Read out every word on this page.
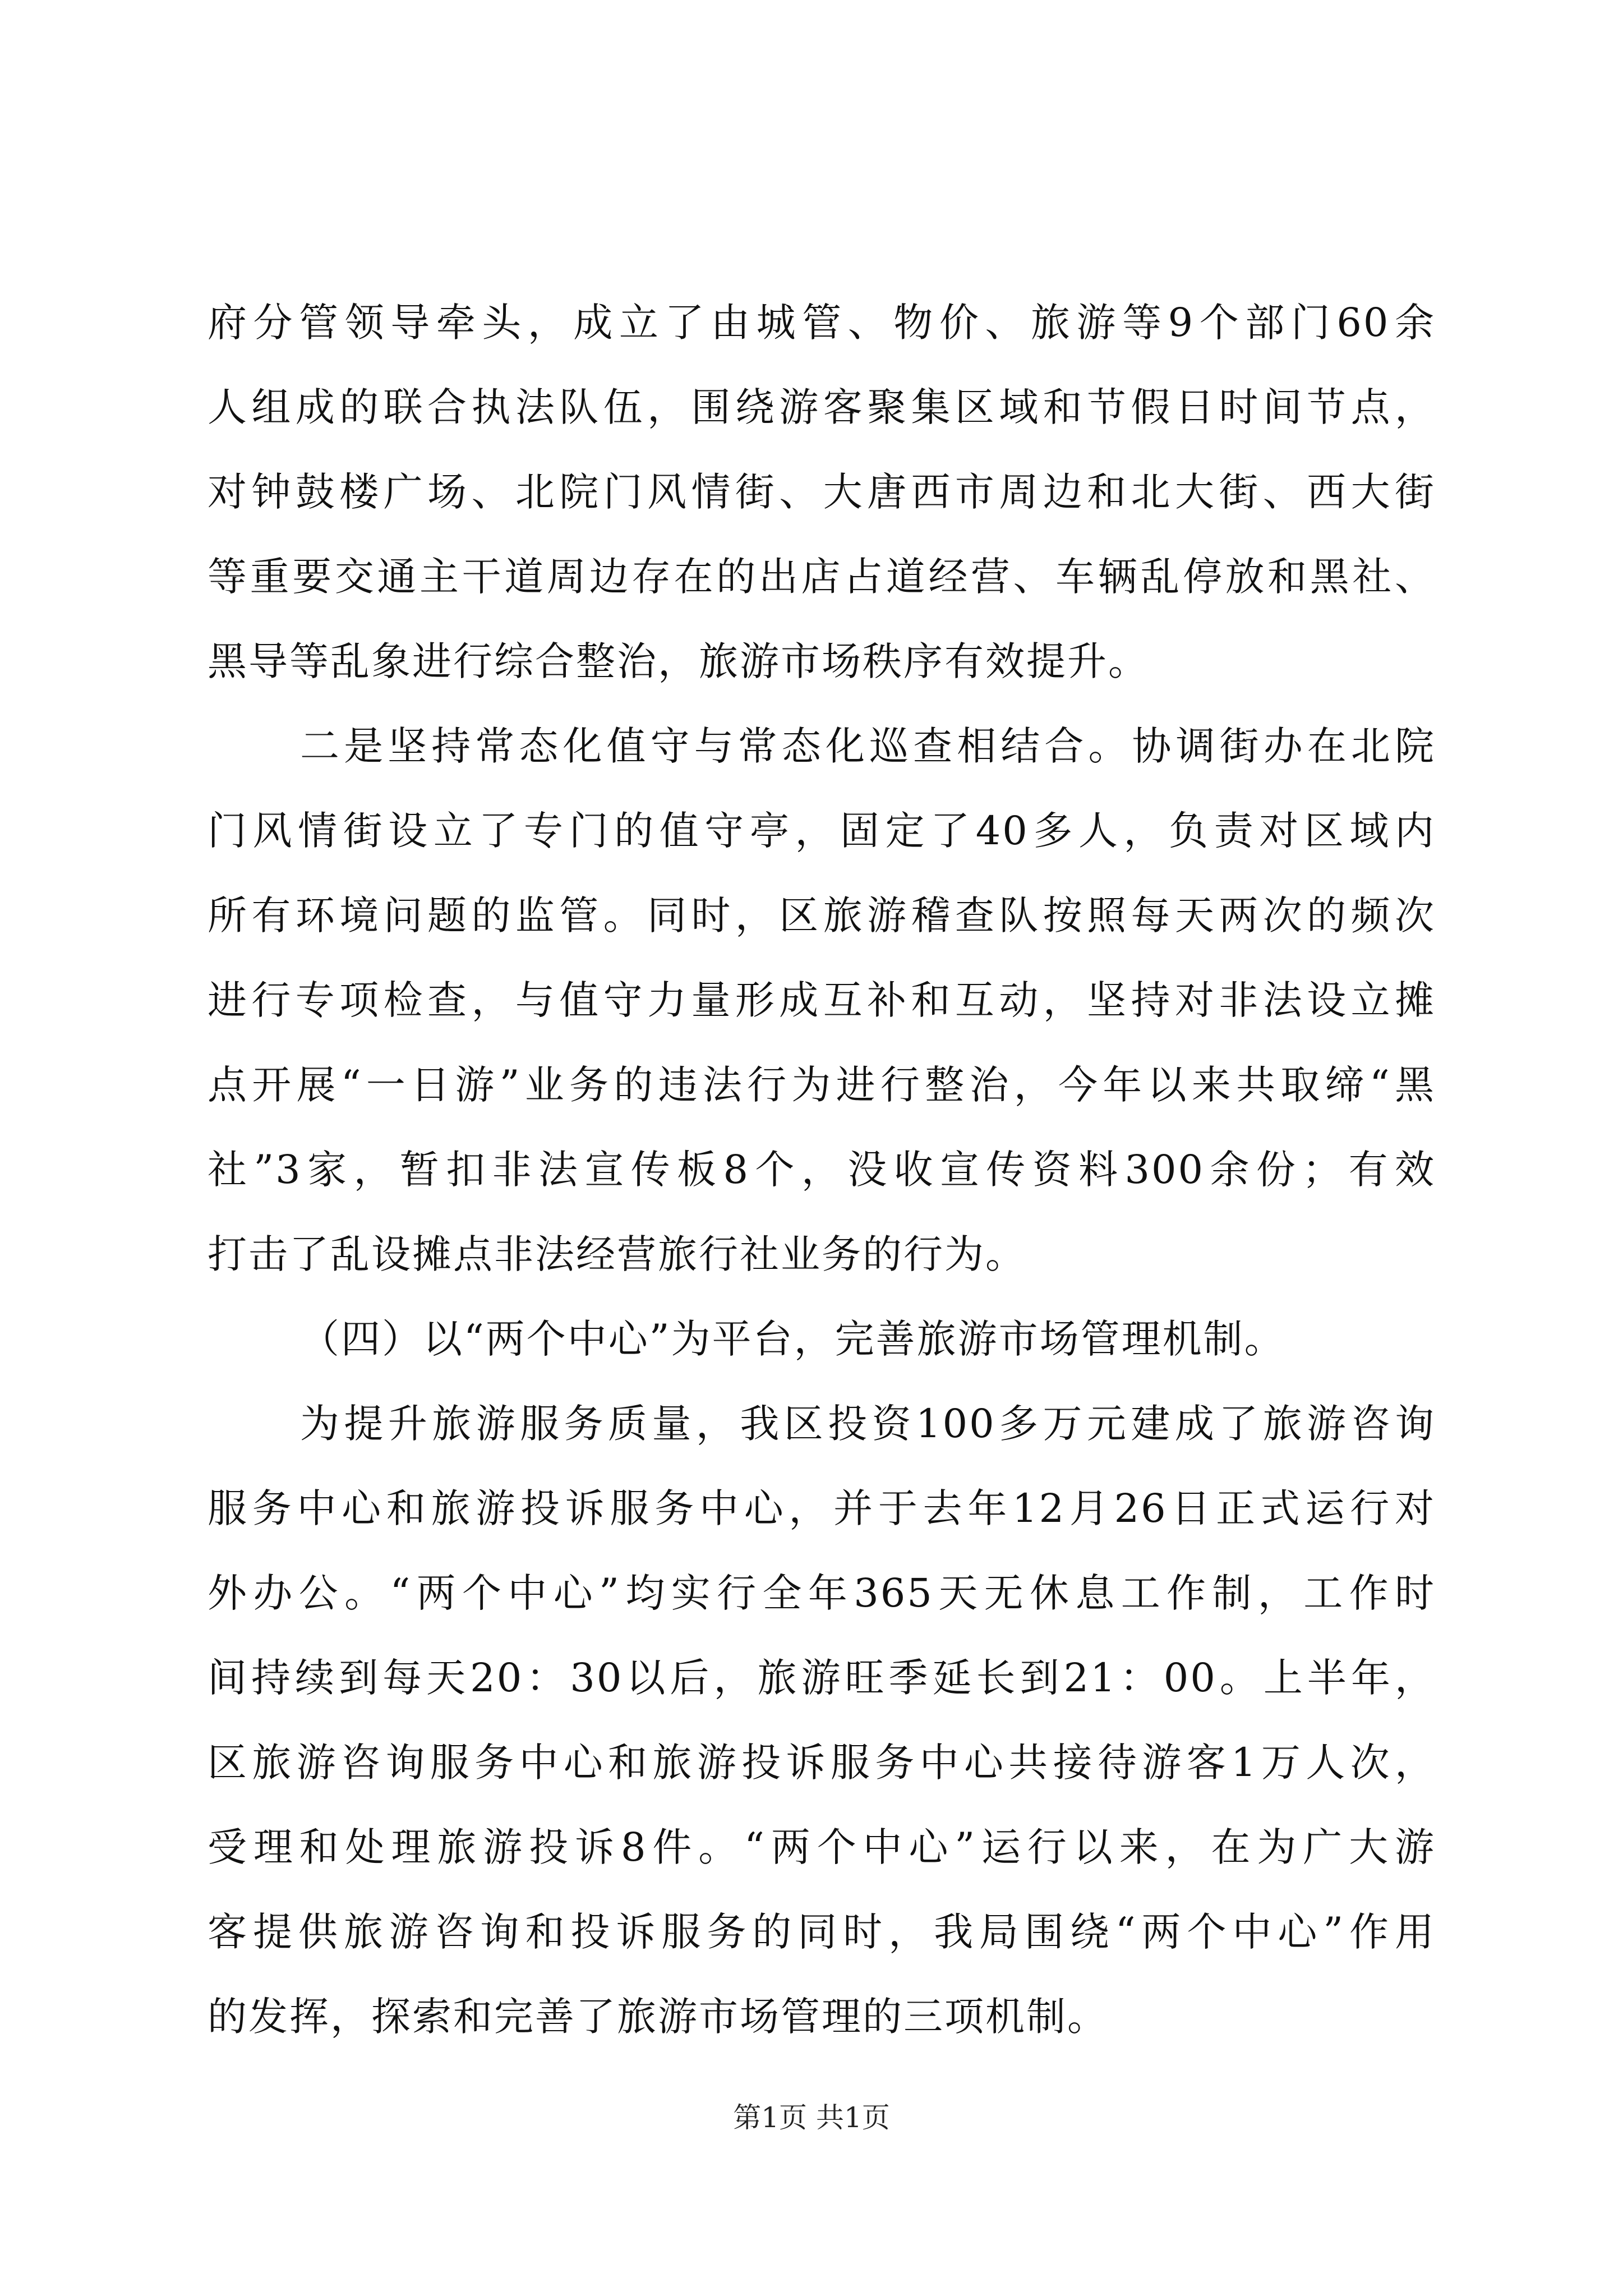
府分管领导牵头，成立了由城管、物价、旅游等9个部门60余
人组成的联合执法队伍，围绕游客聚集区域和节假日时间节点，
对钟鼓楼广场、北院门风情街、大唐西市周边和北大街、西大街
等重要交通主干道周边存在的出店占道经营、车辆乱停放和黑社、
黑导等乱象进行综合整治，旅游市场秩序有效提升。
二是坚持常态化值守与常态化巡查相结合。协调街办在北院
门风情街设立了专门的值守亭，固定了40多人，负责对区域内
所有环境问题的监管。同时，区旅游稽查队按照每天两次的频次
进行专项检查，与值守力量形成互补和互动，坚持对非法设立摊
点开展“一日游”业务的违法行为进行整治，今年以来共取缔“黑
社”3家，暂扣非法宣传板8个，没收宣传资料300余份；有效
打击了乱设摊点非法经营旅行社业务的行为。
（四）以“两个中心”为平台，完善旅游市场管理机制。
为提升旅游服务质量，我区投资100多万元建成了旅游咨询
服务中心和旅游投诉服务中心，并于去年12月26日正式运行对
外办公。“两个中心”均实行全年365天无休息工作制，工作时
间持续到每天20：30以后，旅游旺季延长到21：00。上半年，
区旅游咨询服务中心和旅游投诉服务中心共接待游客1万人次，
受理和处理旅游投诉8件。“两个中心”运行以来，在为广大游
客提供旅游咨询和投诉服务的同时，我局围绕“两个中心”作用
的发挥，探索和完善了旅游市场管理的三项机制。
第1页 共1页
